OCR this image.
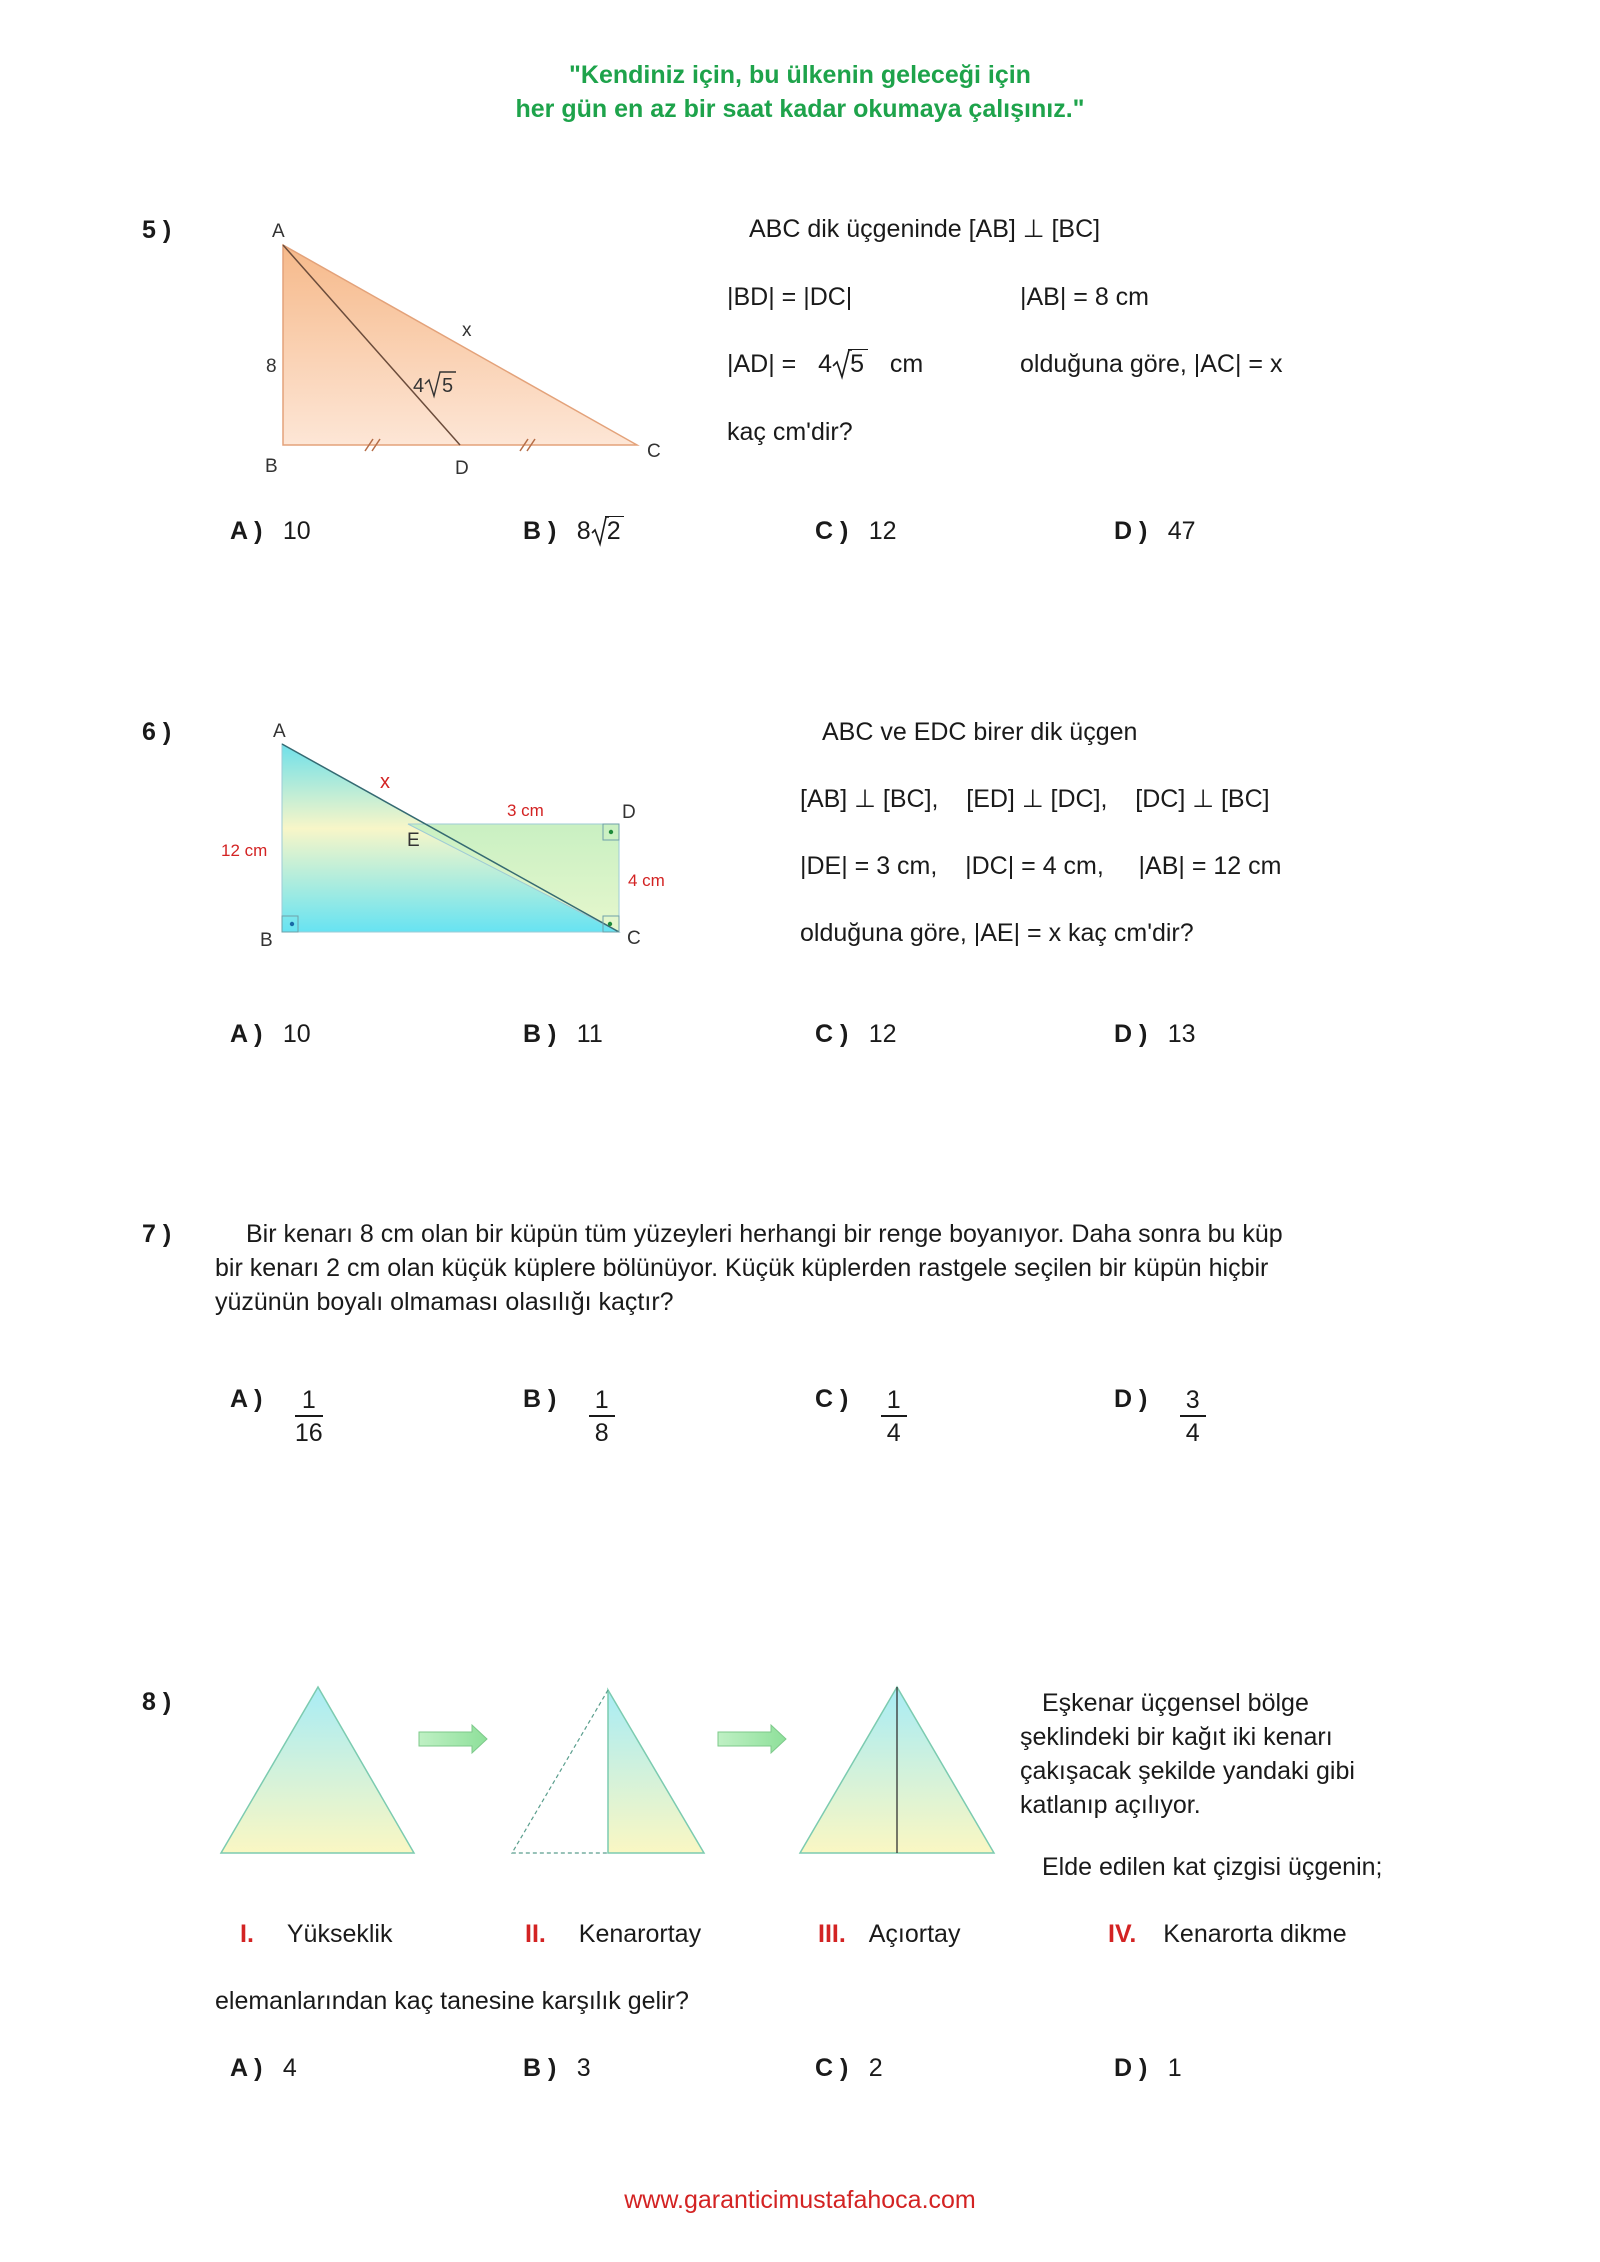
"Kendiniz için, bu ülkenin geleceği için
her gün en az bir saat kadar okumaya çalışınız."
5 )	A
B	D
C
x
8
4 5
ABC dik üçgeninde [AB] ⊥ [BC]
|BD| = |DC|	|AB| = 8 cm
|AD| = 4 5 cm	olduğuna göre, |AC| = x
kaç cm'dir?
A ) 10	B ) 8 2	C ) 12	D ) 47
6 )	A
B	C
D
E
x
12 cm
3 cm
4 cm
ABC ve EDC birer dik üçgen
[AB] ⊥ [BC],    [ED] ⊥ [DC],    [DC] ⊥ [BC]
|DE| = 3 cm,    |DC| = 4 cm,     |AB| = 12 cm
olduğuna göre, |AE| = x kaç cm'dir?
A ) 10	B ) 11	C ) 12	D ) 13
7 )	Bir kenarı 8 cm olan bir küpün tüm yüzeyleri herhangi bir renge boyanıyor. Daha sonra bu küp
bir kenarı 2 cm olan küçük küplere bölünüyor. Küçük küplerden rastgele seçilen bir küpün hiçbir
yüzünün boyalı olmaması olasılığı kaçtır?
A ) $\frac{1}{16}$	B ) $\frac{1}{8}$	C ) $\frac{1}{4}$	D ) $\frac{3}{4}$
8 )	Eşkenar üçgensel bölge
şeklindeki bir kağıt iki kenarı
çakışacak şekilde yandaki gibi
katlanıp açılıyor.
Elde edilen kat çizgisi üçgenin;
I. Yükseklik	II. Kenarortay	III. Açıortay	IV. Kenarorta dikme
elemanlarından kaç tanesine karşılık gelir?
A ) 4	B ) 3	C ) 2	D ) 1
www.garanticimustafahoca.com
